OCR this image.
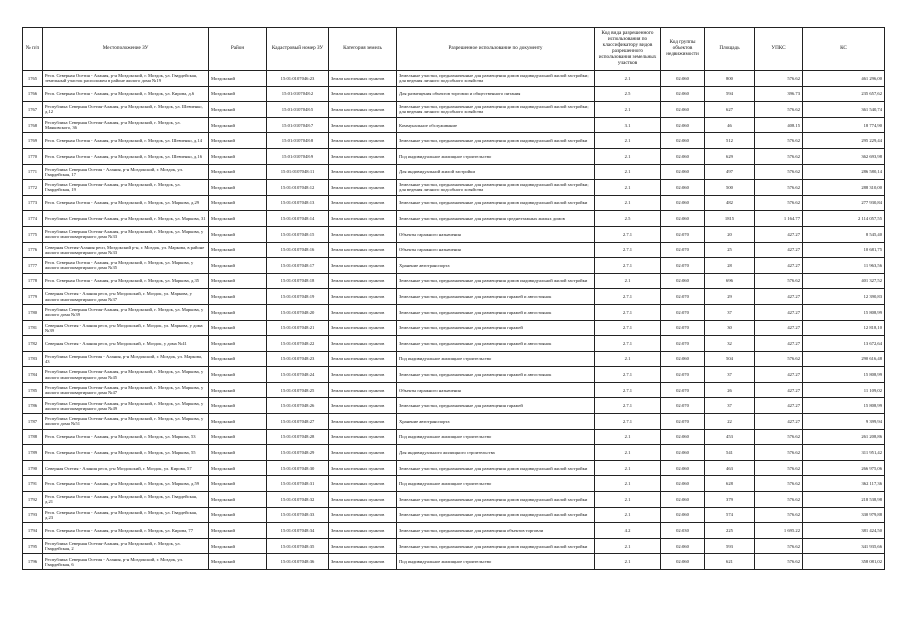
№ п/п	Местоположение ЗУ	Район	Кадастровый номер ЗУ	Категория земель	Разрешенное использование по документу	Код вида разрешенного использования по классификатору видов разрешенного использования земельных участков	Код группы объектов недвижимости	Площадь	УПКС	КС
1765	Респ. Северная Осетия - Алания, р-н Моздокский, г. Моздок, ул. Гвардейская, земельный участок расположен в районе жилого дома №19	Моздокский	15:01:0107046:23	Земли населенных пунктов	Земельные участки, предназначенные для размещения домов индивидуальной жилой застройки; для ведения личного подсобного хозяйства	2.1	02:060	800	576.62	461 296,00
1766	Респ. Северная Осетия - Алания, р-н Моздокский, г. Моздок, ул. Кирова, д.6	Моздокский	15:01:0107048:2	Земли населенных пунктов	Для размещения объектов торговли и общественного питания	2.5	02:060	594	396.73	235 657,62
1767	Республика Северная Осетия-Алания, р-н Моздокский, г. Моздок, ул. Шевченко, д.12	Моздокский	15:01:0107048:5	Земли населенных пунктов	Земельные участки, предназначенные для размещения домов индивидуальной жилой застройки; для ведения личного подсобного хозяйства	2.1	02:060	627	576.62	361 540,74
1768	Республика Северная Осетия-Алания, р-н Моздокский, г. Моздок, ул. Маяковского, 36	Моздокский	15:01:0107048:7	Земли населенных пунктов	Коммунальное обслуживание	3.1	02:060	46	408.15	18 774,90
1769	Респ. Северная Осетия - Алания, р-н Моздокский, г. Моздок, ул. Шевченко, д.14	Моздокский	15:01:0107048:8	Земли населенных пунктов	Земельные участки, предназначенные для размещения домов индивидуальной жилой застройки	2.1	02:060	512	576.62	295 229,44
1770	Респ. Северная Осетия - Алания, р-н Моздокский, г. Моздок, ул. Шевченко, д.16	Моздокский	15:01:0107048:9	Земли населенных пунктов	Под индивидуальное жилищное строительство	2.1	02:060	629	576.62	362 693,98
1771	Республика Северная Осетия - Алания, р-н Моздокский, г. Моздок, ул. Гвардейская, 17	Моздокский	15:01:0107048:11	Земли населенных пунктов	Для индивидуальной жилой застройки	2.1	02:060	497	576.62	286 580,14
1772	Республика Северная Осетия-Алания, р-н Моздокский, г. Моздок, ул. Гвардейская, 19	Моздокский	15:01:0107048:12	Земли населенных пунктов	Земельные участки, предназначенные для размещения домов индивидуальной жилой застройки; для ведения личного подсобного хозяйства	2.1	02:060	500	576.62	288 310,00
1773	Респ. Северная Осетия - Алания, р-н Моздокский, г. Моздок, ул. Маркова, д.29	Моздокский	15:01:0107048:13	Земли населенных пунктов	Земельные участки, предназначенные для размещения домов индивидуальной жилой застройки	2.1	02:060	482	576.62	277 930,84
1774	Республика Северная Осетия-Алания, р-н Моздокский, г. Моздок, ул. Маркова, 31	Моздокский	15:01:0107048:14	Земли населенных пунктов	Земельные участки, предназначенные для размещения среднеэтажных жилых домов	2.5	02:060	1815	1 164.77	2 114 057,55
1775	Республика Северная Осетия-Алания, р-н Моздокский, г. Моздок, ул. Маркова, у жилого многоквартирного дома №33	Моздокский	15:01:0107048:15	Земли населенных пунктов	Объекты гаражного назначения	2.7.1	02:070	20	427.27	8 545,40
1776	Северная Осетия-Алания респ, Моздокский р-н, г. Моздок, ул. Маркова, в районе жилого многоквартирного дома №33	Моздокский	15:01:0107048:16	Земли населенных пунктов	Объекты гаражного назначения	2.7.1	02:070	25	427.27	10 681,75
1777	Респ. Северная Осетия - Алания, р-н Моздокский, г. Моздок, ул. Маркова, у жилого многоквартирного дома №35	Моздокский	15:01:0107048:17	Земли населенных пунктов	Хранение автотранспорта	2.7.1	02:070	28	427.27	11 963,56
1778	Респ. Северная Осетия - Алания, р-н Моздокский, г. Моздок, ул. Маркова, д.35	Моздокский	15:01:0107048:18	Земли населенных пунктов	Земельные участки, предназначенные для размещения домов индивидуальной жилой застройки	2.1	02:060	696	576.62	401 327,52
1779	Северная Осетия - Алания респ, р-н Моздокский, г. Моздок, ул. Маркова, у жилого многоквартирного дома №37	Моздокский	15:01:0107048:19	Земли населенных пунктов	Земельные участки, предназначенные для размещения гаражей и автостоянок	2.7.1	02:070	29	427.27	12 390,83
1780	Республика Северная Осетия-Алания, р-н Моздокский, г. Моздок, ул. Маркова, у жилого дома №39	Моздокский	15:01:0107048:20	Земли населенных пунктов	Земельные участки, предназначенные для размещения гаражей и автостоянок	2.7.1	02:070	37	427.27	15 808,99
1781	Северная Осетия - Алания респ, р-н Моздокский, г. Моздок, ул. Маркова, у дома №39	Моздокский	15:01:0107048:21	Земли населенных пунктов	Земельные участки, предназначенные для размещения гаражей	2.7.1	02:070	30	427.27	12 818,10
1782	Северная Осетия - Алания респ, р-н Моздокский, г. Моздок, у дома №41	Моздокский	15:01:0107048:22	Земли населенных пунктов	Земельные участки, предназначенные для размещения гаражей и автостоянок	2.7.1	02:070	32	427.27	13 672,64
1783	Республика Северная Осетия - Алания, р-н Моздокский, г. Моздок, ул. Маркова, 43	Моздокский	15:01:0107048:23	Земли населенных пунктов	Под индивидуальное жилищное строительство	2.1	02:060	504	576.62	290 616,48
1784	Республика Северная Осетия-Алания, р-н Моздокский, г. Моздок, ул. Маркова, у жилого многоквартирного дома №45	Моздокский	15:01:0107048:24	Земли населенных пунктов	Земельные участки, предназначенные для размещения гаражей и автостоянок	2.7.1	02:070	37	427.27	15 808,99
1785	Республика Северная Осетия-Алания, р-н Моздокский, г. Моздок, ул. Маркова, у жилого многоквартирного дома №47	Моздокский	15:01:0107048:25	Земли населенных пунктов	Объекты гаражного назначения	2.7.1	02:070	26	427.27	11 109,02
1786	Республика Северная Осетия-Алания, р-н Моздокский, г. Моздок, ул. Маркова, у жилого многоквартирного дома №49	Моздокский	15:01:0107048:26	Земли населенных пунктов	Земельные участки, предназначенные для размещения гаражей	2.7.1	02:070	37	427.27	15 808,99
1787	Республика Северная Осетия-Алания, р-н Моздокский, г. Моздок, ул. Маркова, у жилого дома №51	Моздокский	15:01:0107048:27	Земли населенных пунктов	Хранение автотранспорта	2.7.1	02:070	22	427.27	9 399,94
1788	Респ. Северная Осетия - Алания, р-н Моздокский, г. Моздок, ул. Маркова, 53	Моздокский	15:01:0107048:28	Земли населенных пунктов	Под индивидуальное жилищное строительство	2.1	02:060	453	576.62	261 208,86
1789	Респ. Северная Осетия - Алания, р-н Моздокский, г. Моздок, ул. Маркова, 55	Моздокский	15:01:0107048:29	Земли населенных пунктов	Для индивидуального жилищного строительства	2.1	02:060	541	576.62	311 951,42
1790	Северная Осетия - Алания респ, р-н Моздокский, г. Моздок, ул. Кирова, 57	Моздокский	15:01:0107048:30	Земли населенных пунктов	Земельные участки, предназначенные для размещения домов индивидуальной жилой застройки	2.1	02:060	463	576.62	266 975,06
1791	Респ. Северная Осетия - Алания, р-н Моздокский, г. Моздок, ул. Маркова, д.59	Моздокский	15:01:0107048:31	Земли населенных пунктов	Под индивидуальное жилищное строительство	2.1	02:060	628	576.62	362 117,36
1792	Респ. Северная Осетия - Алания, р-н Моздокский, г. Моздок, ул. Гвардейская, д.21	Моздокский	15:01:0107048:32	Земли населенных пунктов	Земельные участки, предназначенные для размещения домов индивидуальной жилой застройки	2.1	02:060	379	576.62	218 538,98
1793	Респ. Северная Осетия - Алания, р-н Моздокский, г. Моздок, ул. Гвардейская, д.23	Моздокский	15:01:0107048:33	Земли населенных пунктов	Земельные участки, предназначенные для размещения домов индивидуальной жилой застройки	2.1	02:060	574	576.62	330 979,88
1794	Респ. Северная Осетия - Алания, р-н Моздокский, г. Моздок, ул. Кирова, 77	Моздокский	15:01:0107048:34	Земли населенных пунктов	Земельные участки, предназначенные для размещения объектов торговли	4.2	02:030	225	1 695.22	381 424,50
1795	Республика Северная Осетия-Алания, р-н Моздокский, г. Моздок, ул. Гвардейская, 2	Моздокский	15:01:0107048:35	Земли населенных пунктов	Земельные участки, предназначенные для размещения домов индивидуальной жилой застройки	2.1	02:060	593	576.62	341 935,66
1796	Республика Северная Осетия - Алания, р-н Моздокский, г. Моздок, ул. Гвардейская, 6	Моздокский	15:01:0107048:36	Земли населенных пунктов	Под индивидуальное жилищное строительство	2.1	02:060	621	576.62	358 081,02
